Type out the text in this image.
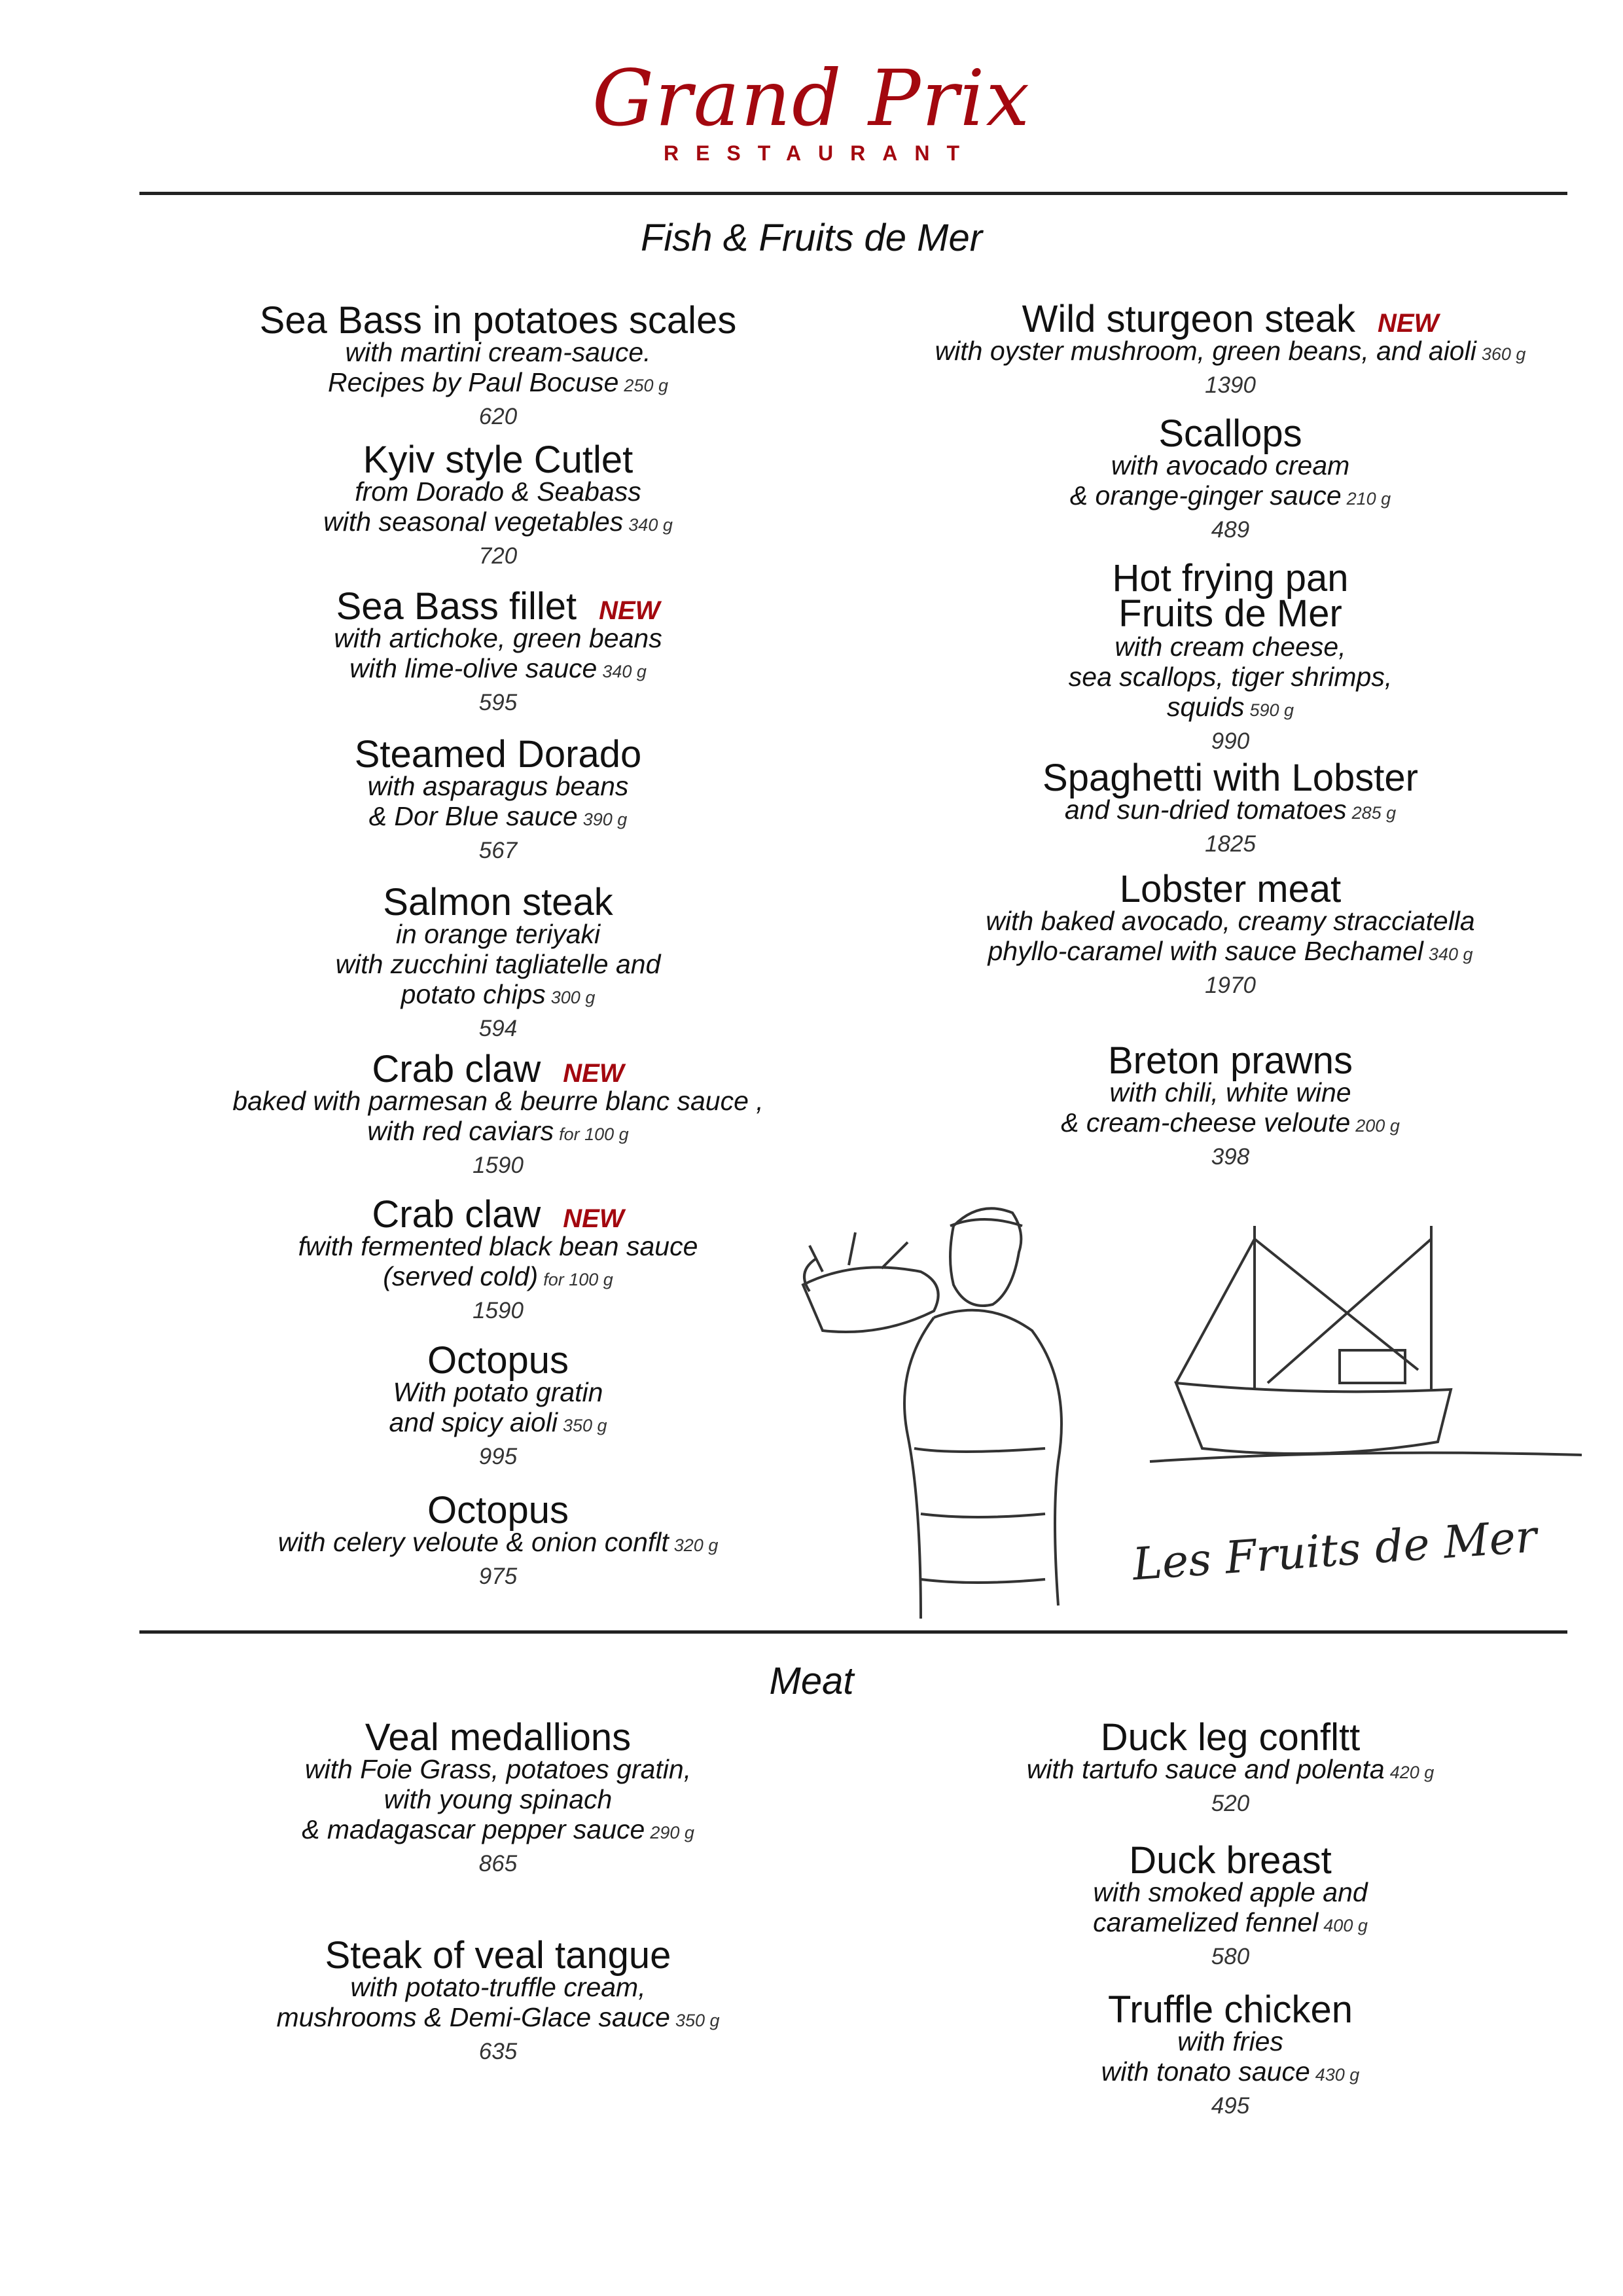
Grand Prix
RESTAURANT
Fish & Fruits de Mer
Sea Bass in potatoes scales
with martini cream-sauce.
Recipes by Paul Bocuse 250 g
620
Kyiv style Cutlet
from Dorado & Seabass
with seasonal vegetables 340 g
720
Sea Bass fillet NEW
with artichoke, green beans
with lime-olive sauce 340 g
595
Steamed Dorado
with asparagus beans
& Dor Blue sauce 390 g
567
Salmon steak
in orange teriyaki
with zucchini tagliatelle and
potato chips 300 g
594
Crab claw NEW
baked with parmesan & beurre blanc sauce ,
with red caviars for 100 g
1590
Crab claw NEW
fwith fermented black bean sauce
(served cold) for 100 g
1590
Octopus
With potato gratin
and spicy aioli 350 g
995
Octopus
with celery veloute & onion conflt 320 g
975
Wild sturgeon steak NEW
with oyster mushroom, green beans, and aioli 360 g
1390
Scallops
with avocado cream
& orange-ginger sauce 210 g
489
Hot frying pan
Fruits de Mer
with cream cheese,
sea scallops, tiger shrimps,
squids 590 g
990
Spaghetti with Lobster
and sun-dried tomatoes 285 g
1825
Lobster meat
with baked avocado, creamy stracciatella
phyllo-caramel with sauce Bechamel 340 g
1970
Breton prawns
with chili, white wine
& cream-cheese veloute 200 g
398
Les Fruits de Mer
Meat
Veal medallions
with Foie Grass, potatoes gratin,
with young spinach
& madagascar pepper sauce 290 g
865
Steak of veal tangue
with potato-truffle cream,
mushrooms & Demi-Glace sauce 350 g
635
Duck leg confltt
with tartufo sauce and polenta 420 g
520
Duck breast
with smoked apple and
caramelized fennel 400 g
580
Truffle chicken
with fries
with tonato sauce 430 g
495
